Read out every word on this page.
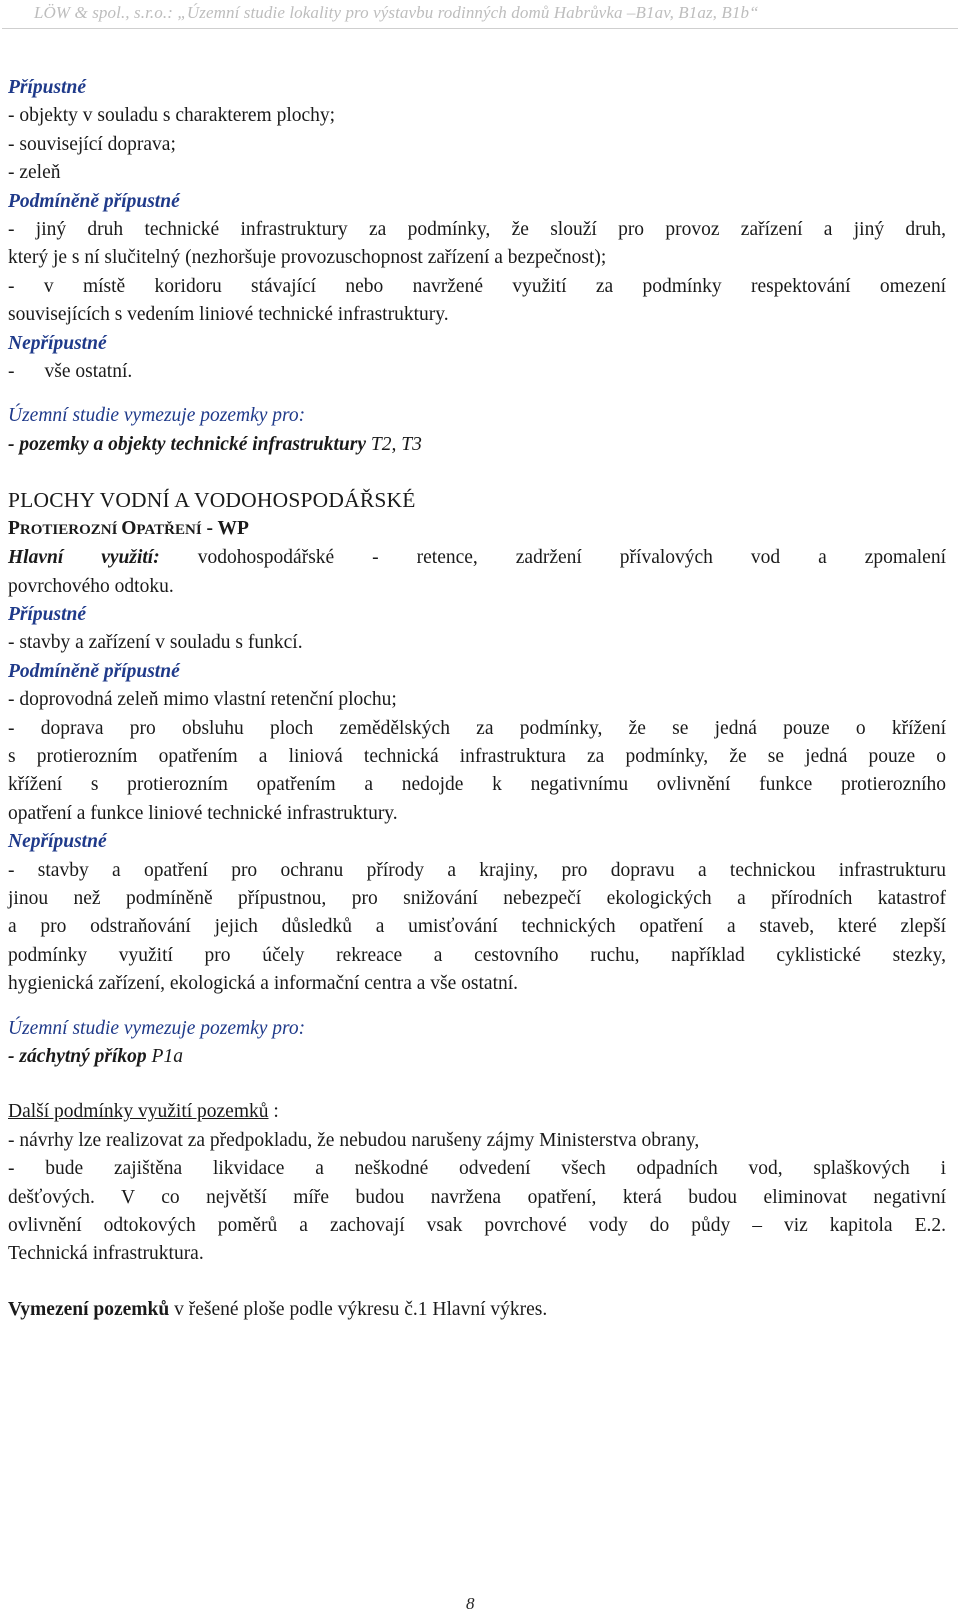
LÖW & spol., s.r.o.: „Územní studie lokality pro výstavbu rodinných domů Habrůvka –B1av, B1az, B1b“

Přípustné

- objekty v souladu s charakterem plochy;

- související doprava;

- zeleň

Podmíněně přípustné

- jiný druh technické infrastruktury za podmínky, že slouží pro provoz zařízení a jiný druh,

který je s ní slučitelný (nezhoršuje provozuschopnost zařízení a bezpečnost);

- v místě koridoru stávající nebo navržené využití za podmínky respektování omezení

souvisejících s vedením liniové technické infrastruktury.

Nepřípustné

- vše ostatní.

Územní studie vymezuje pozemky pro:

- pozemky a objekty technické infrastruktury T2, T3

PLOCHY VODNÍ A VODOHOSPODÁŘSKÉ

PROTIEROZNÍ OPATŘENÍ - WP

Hlavní využití: vodohospodářské - retence, zadržení přívalových vod a zpomalení

povrchového odtoku.

Přípustné

- stavby a zařízení v souladu s funkcí.

Podmíněně přípustné

- doprovodná zeleň mimo vlastní retenční plochu;

- doprava pro obsluhu ploch zemědělských za podmínky, že se jedná pouze o křížení

s protierozním opatřením a liniová technická infrastruktura za podmínky, že se jedná pouze o

křížení s protierozním opatřením a nedojde k negativnímu ovlivnění funkce protierozního

opatření a funkce liniové technické infrastruktury.

Nepřípustné

- stavby a opatření pro ochranu přírody a krajiny, pro dopravu a technickou infrastrukturu

jinou než podmíněně přípustnou, pro snižování nebezpečí ekologických a přírodních katastrof

a pro odstraňování jejich důsledků a umisťování technických opatření a staveb, které zlepší

podmínky využití pro účely rekreace a cestovního ruchu, například cyklistické stezky,

hygienická zařízení, ekologická a informační centra a vše ostatní.

Územní studie vymezuje pozemky pro:

- záchytný příkop P1a

Další podmínky využití pozemků :

- návrhy lze realizovat za předpokladu, že nebudou narušeny zájmy Ministerstva obrany,

- bude zajištěna likvidace a neškodné odvedení všech odpadních vod, splaškových i

dešťových. V co největší míře budou navržena opatření, která budou eliminovat negativní

ovlivnění odtokových poměrů a zachovají vsak povrchové vody do půdy – viz kapitola E.2.

Technická infrastruktura.

Vymezení pozemků v řešené ploše podle výkresu č.1 Hlavní výkres.

8
